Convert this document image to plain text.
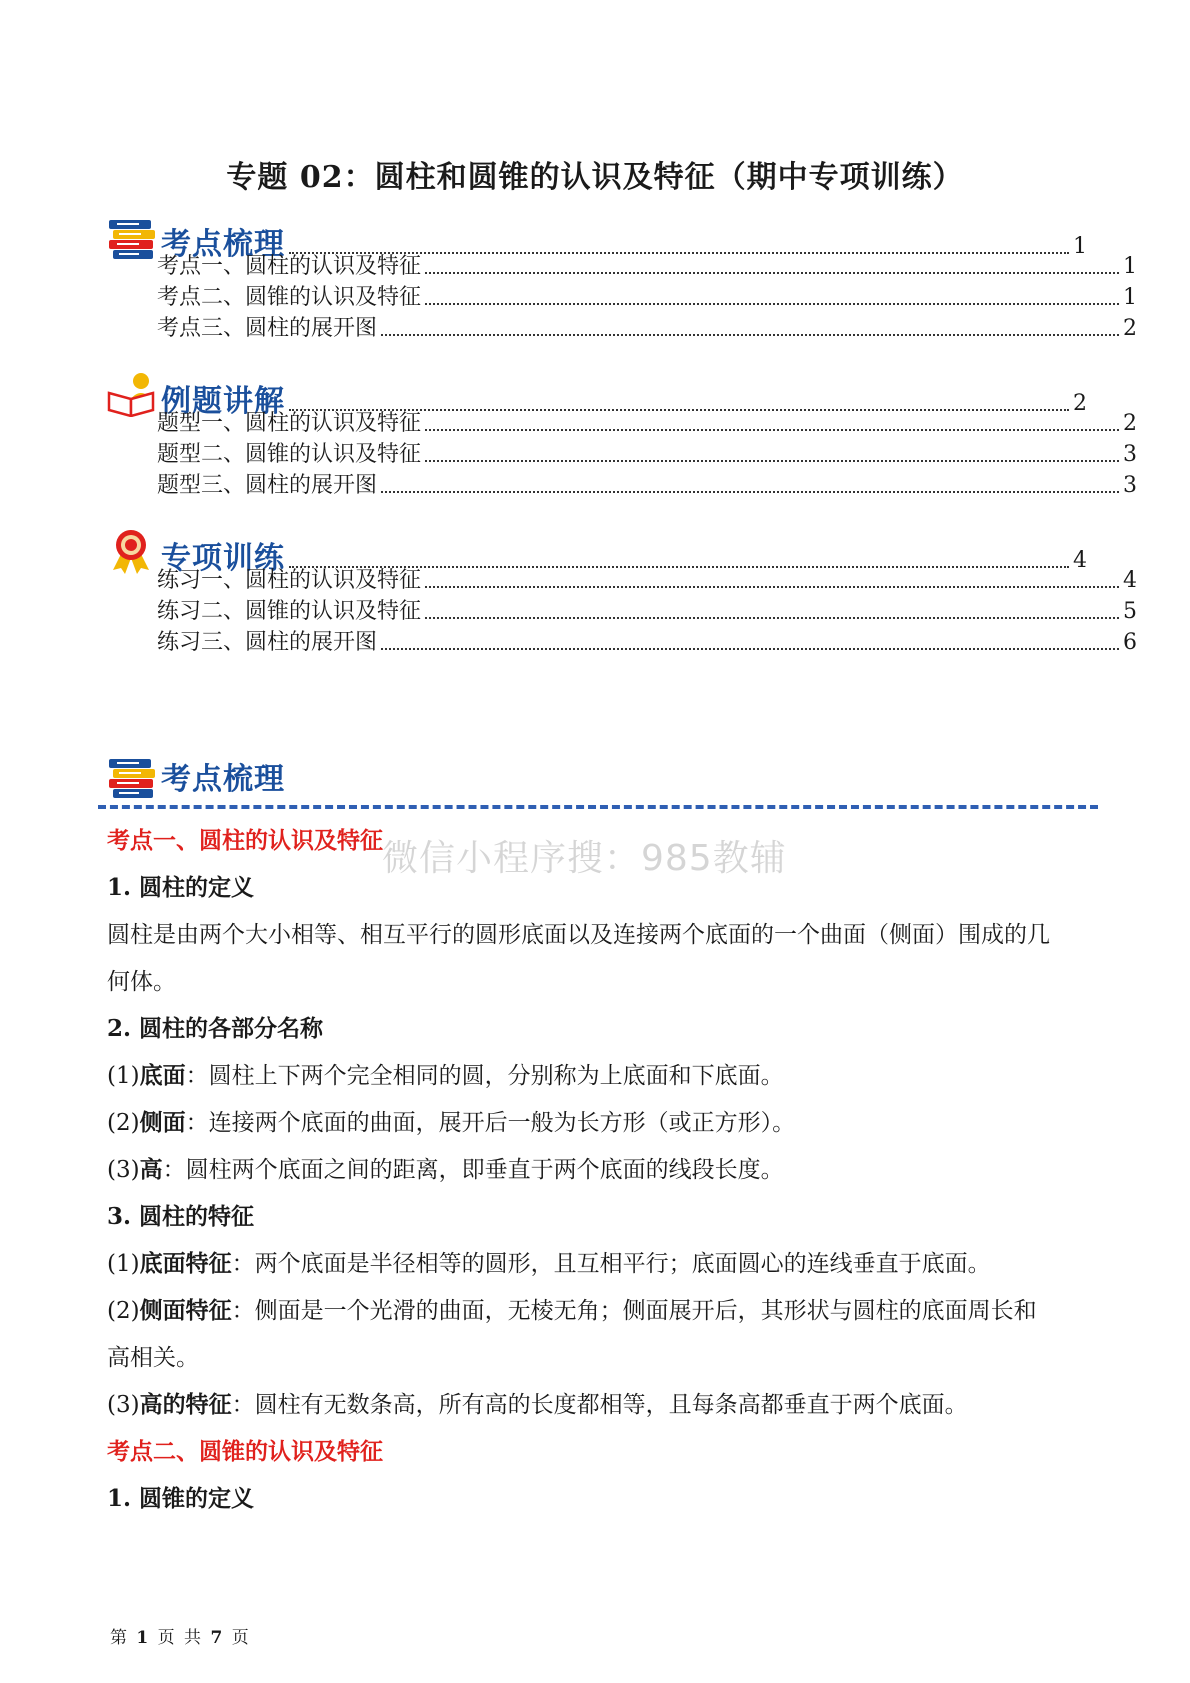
专题 02：圆柱和圆锥的认识及特征（期中专项训练）
考点梳理	1
考点一、圆柱的认识及特征	1
考点二、圆锥的认识及特征	1
考点三、圆柱的展开图	2
例题讲解	2
题型一、圆柱的认识及特征	2
题型二、圆锥的认识及特征	3
题型三、圆柱的展开图	3
专项训练	4
练习一、圆柱的认识及特征	4
练习二、圆锥的认识及特征	5
练习三、圆柱的展开图	6
考点梳理
微信小程序搜：985教辅
考点一、圆柱的认识及特征
1. 圆柱的定义
圆柱是由两个大小相等、相互平行的圆形底面以及连接两个底面的一个曲面（侧面）围成的几
何体。
2. 圆柱的各部分名称
(1)底面：圆柱上下两个完全相同的圆，分别称为上底面和下底面。
(2)侧面：连接两个底面的曲面，展开后一般为长方形（或正方形）。
(3)高：圆柱两个底面之间的距离，即垂直于两个底面的线段长度。
3. 圆柱的特征
(1)底面特征：两个底面是半径相等的圆形，且互相平行；底面圆心的连线垂直于底面。
(2)侧面特征：侧面是一个光滑的曲面，无棱无角；侧面展开后，其形状与圆柱的底面周长和
高相关。
(3)高的特征：圆柱有无数条高，所有高的长度都相等，且每条高都垂直于两个底面。
考点二、圆锥的认识及特征
1. 圆锥的定义
第 1 页 共 7 页
